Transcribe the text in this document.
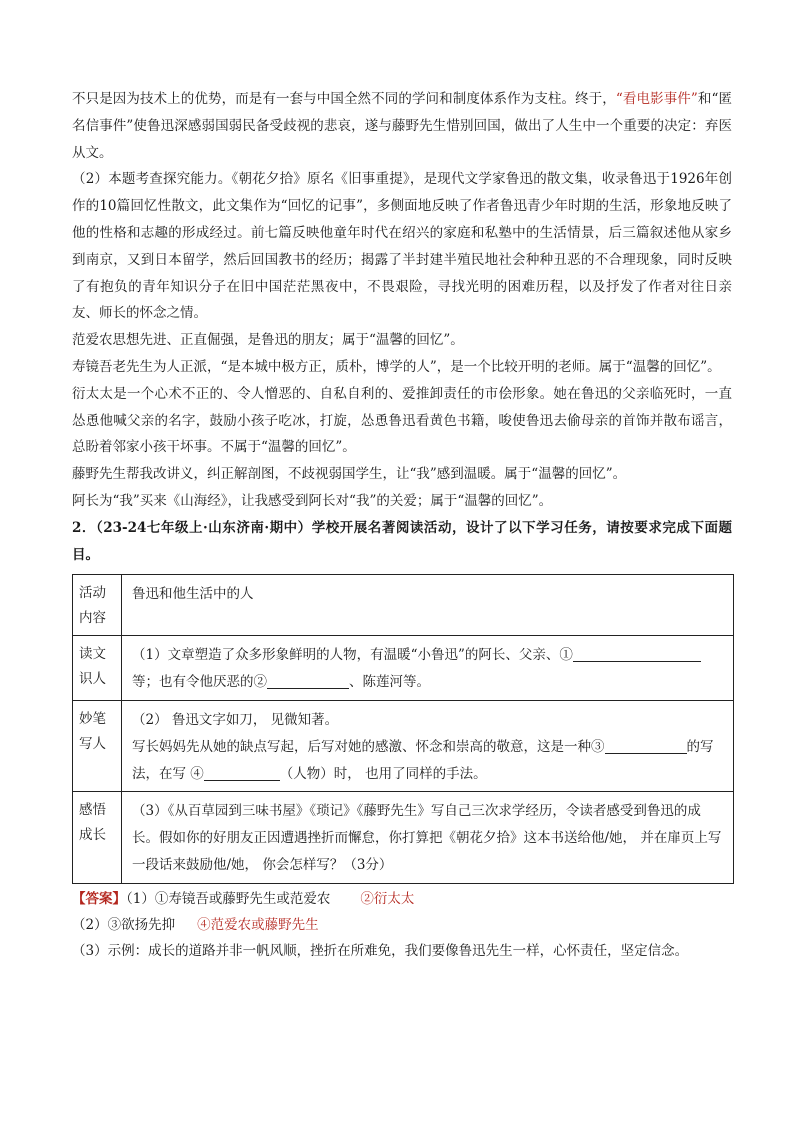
不只是因为技术上的优势，而是有一套与中国全然不同的学问和制度体系作为支柱。终于，“看电影事件”和“匿名信事件”使鲁迅深感弱国弱民备受歧视的悲哀，遂与藤野先生惜别回国，做出了人生中一个重要的决定：弃医从文。

（2）本题考查探究能力。《朝花夕拾》原名《旧事重提》，是现代文学家鲁迅的散文集，收录鲁迅于1926年创作的10篇回忆性散文，此文集作为“回忆的记事”，多侧面地反映了作者鲁迅青少年时期的生活，形象地反映了他的性格和志趣的形成经过。前七篇反映他童年时代在绍兴的家庭和私塾中的生活情景，后三篇叙述他从家乡到南京，又到日本留学，然后回国教书的经历；揭露了半封建半殖民地社会种种丑恶的不合理现象，同时反映了有抱负的青年知识分子在旧中国茫茫黑夜中，不畏艰险，寻找光明的困难历程，以及抒发了作者对往日亲友、师长的怀念之情。

范爱农思想先进、正直倔强，是鲁迅的朋友；属于“温馨的回忆”。

寿镜吾老先生为人正派，“是本城中极方正，质朴，博学的人”，是一个比较开明的老师。属于“温馨的回忆”。

衍太太是一个心术不正的、令人憎恶的、自私自利的、爱推卸责任的市侩形象。她在鲁迅的父亲临死时，一直怂恿他喊父亲的名字，鼓励小孩子吃冰，打旋，怂恿鲁迅看黄色书籍，唆使鲁迅去偷母亲的首饰并散布谣言，总盼着邻家小孩干坏事。不属于“温馨的回忆”。

藤野先生帮我改讲义，纠正解剖图，不歧视弱国学生，让“我”感到温暖。属于“温馨的回忆”。

阿长为“我”买来《山海经》，让我感受到阿长对“我”的关爱；属于“温馨的回忆”。

2．（23-24七年级上·山东济南·期中）学校开展名著阅读活动，设计了以下学习任务，请按要求完成下面题目。

活动内容	鲁迅和他生活中的人
读文识人	（1）文章塑造了众多形象鲜明的人物，有温暖“小鲁迅”的阿长、父亲、①等；也有令他厌恶的② 、陈莲河等。
妙笔写人	（2） 鲁迅文字如刀， 见微知著。
写长妈妈先从她的缺点写起，后写对她的感激、怀念和崇高的敬意，这是一种③ 的写法，在写 ④ （人物）时， 也用了同样的手法。
感悟成长	（3）《从百草园到三味书屋》《琐记》《藤野先生》写自己三次求学经历，令读者感受到鲁迅的成长。假如你的好朋友正因遭遇挫折而懈怠，你打算把《朝花夕拾》这本书送给他/她， 并在扉页上写一段话来鼓励他/她， 你会怎样写？（3分）
【答案】（1）①寿镜吾或藤野先生或范爱农 ②衍太太
（2）③欲扬先抑 ④范爱农或藤野先生
（3）示例：成长的道路并非一帆风顺，挫折在所难免，我们要像鲁迅先生一样，心怀责任，坚定信念。
